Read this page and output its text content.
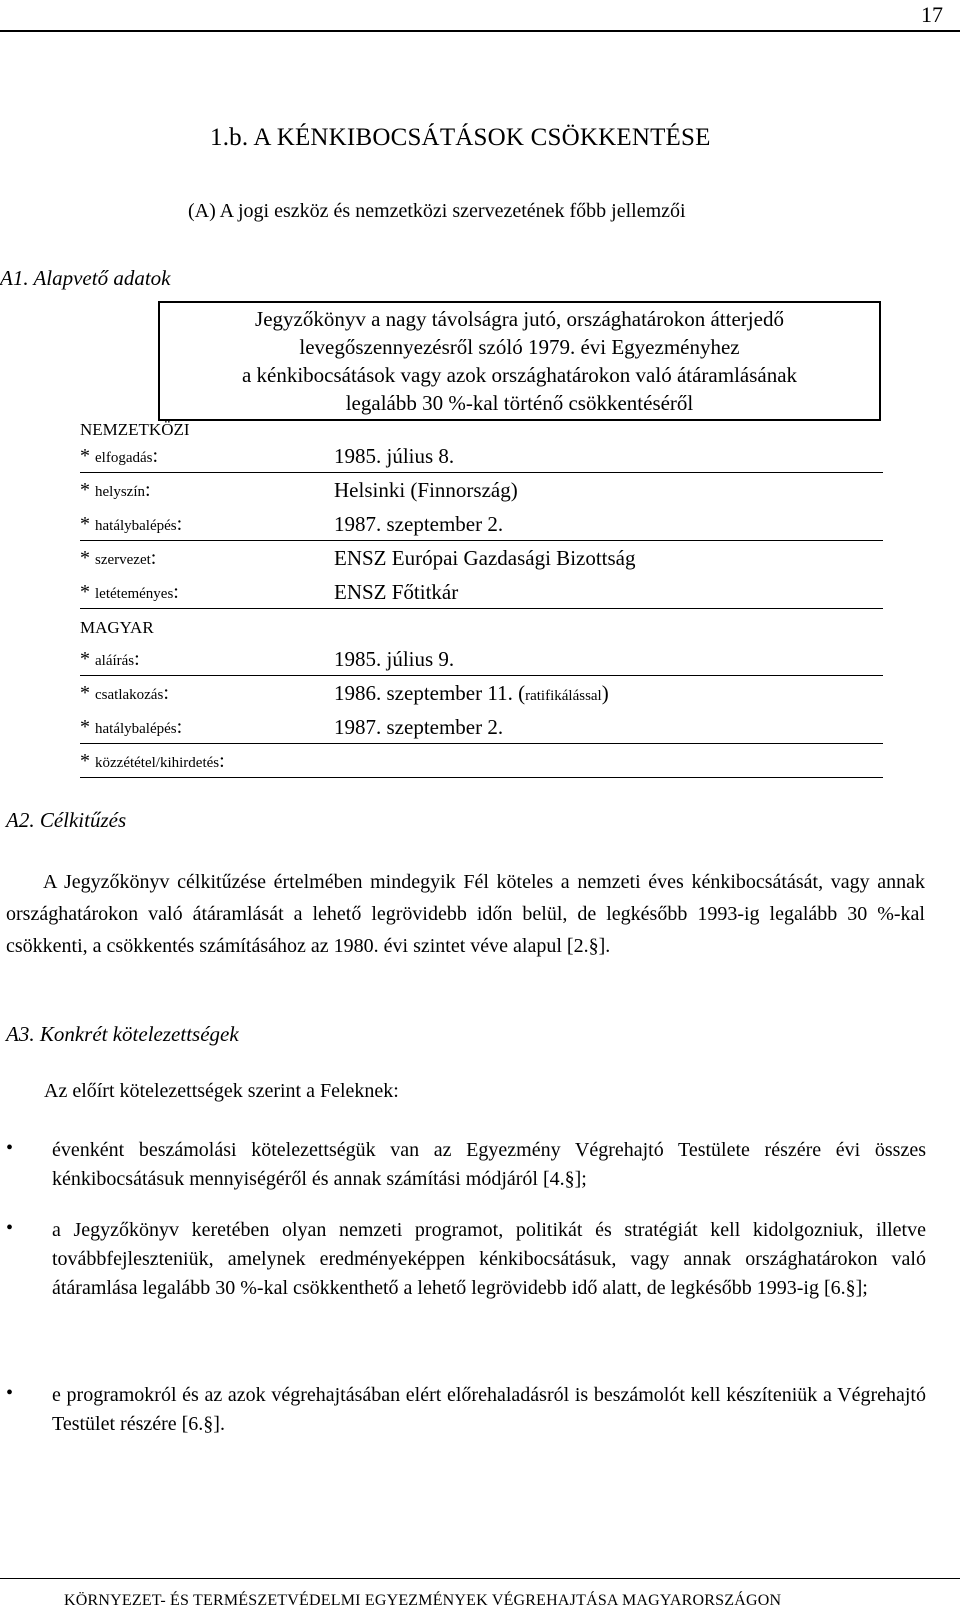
17
1.b. A KÉNKIBOCSÁTÁSOK CSÖKKENTÉSE
(A) A jogi eszköz és nemzetközi szervezetének főbb jellemzői
A1. Alapvető adatok
Jegyzőkönyv a nagy távolságra jutó, országhatárokon átterjedő
levegőszennyezésről szóló 1979. évi Egyezményhez
a kénkibocsátások vagy azok országhatárokon való átáramlásának
legalább 30 %-kal történő csökkentéséről
NEMZETKÖZI
* elfogadás:	1985. július 8.
* helyszín:	Helsinki (Finnország)
* hatálybalépés:	1987. szeptember 2.
* szervezet:	ENSZ Európai Gazdasági Bizottság
* letéteményes:	ENSZ Főtitkár
MAGYAR
* aláírás:	1985. július 9.
* csatlakozás:	1986. szeptember 11. (ratifikálással)
* hatálybalépés:	1987. szeptember 2.
* közzététel/kihirdetés:
A2. Célkitűzés
A Jegyzőkönyv célkitűzése értelmében mindegyik Fél köteles a nemzeti éves kénkibocsátását, vagy annak országhatárokon való átáramlását a lehető legrövidebb időn belül, de legkésőbb 1993-ig legalább 30 %-kal csökkenti, a csökkentés számításához az 1980. évi szintet véve alapul [2.§].
A3. Konkrét kötelezettségek
Az előírt kötelezettségek szerint a Feleknek:
• évenként beszámolási kötelezettségük van az Egyezmény Végrehajtó Testülete részére évi összes kénkibocsátásuk mennyiségéről és annak számítási módjáról [4.§];
• a Jegyzőkönyv keretében olyan nemzeti programot, politikát és stratégiát kell kidolgozniuk, illetve továbbfejleszteniük, amelynek eredményeképpen kénkibocsátásuk, vagy annak országhatárokon való átáramlása legalább 30 %-kal csökkenthető a lehető legrövidebb idő alatt, de legkésőbb 1993-ig [6.§];
• e programokról és az azok végrehajtásában elért előrehaladásról is beszámolót kell készíteniük a Végrehajtó Testület részére [6.§].
KÖRNYEZET- ÉS TERMÉSZETVÉDELMI EGYEZMÉNYEK VÉGREHAJTÁSA MAGYARORSZÁGON
